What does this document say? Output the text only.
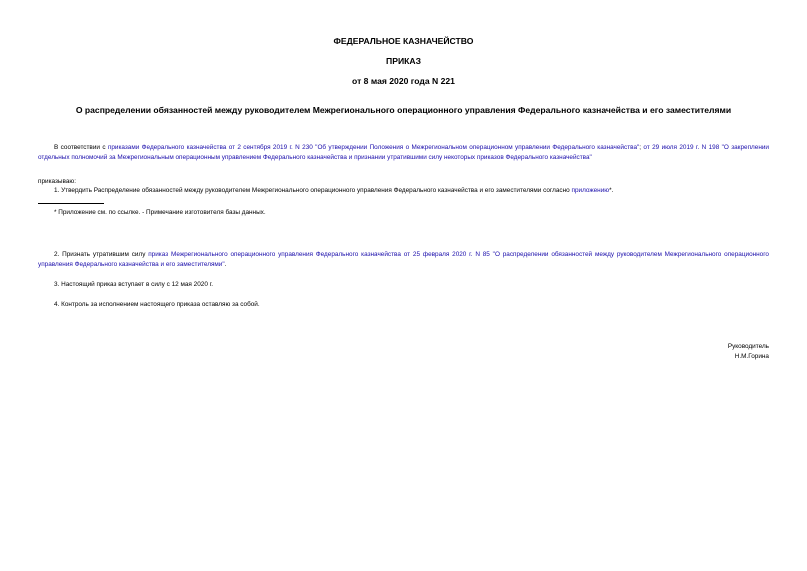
ФЕДЕРАЛЬНОЕ КАЗНАЧЕЙСТВО
ПРИКАЗ
от 8 мая 2020 года N 221
О распределении обязанностей между руководителем Межрегионального операционного управления Федерального казначейства и его заместителями
В соответствии с приказами Федерального казначейства от 2 сентября 2019 г. N 230 "Об утверждении Положения о Межрегиональном операционном управлении Федерального казначейства"; от 29 июля 2019 г. N 198 "О закреплении отдельных полномочий за Межрегиональным операционным управлением Федерального казначейства и признании утратившими силу некоторых приказов Федерального казначейства"
приказываю:
1. Утвердить Распределение обязанностей между руководителем Межрегионального операционного управления Федерального казначейства и его заместителями согласно приложению*.
* Приложение см. по ссылке. - Примечание изготовителя базы данных.
2. Признать утратившим силу приказ Межрегионального операционного управления Федерального казначейства от 25 февраля 2020 г. N 85 "О распределении обязанностей между руководителем Межрегионального операционного управления Федерального казначейства и его заместителями".
3. Настоящий приказ вступает в силу с 12 мая 2020 г.
4. Контроль за исполнением настоящего приказа оставляю за собой.
Руководитель
Н.М.Горина
